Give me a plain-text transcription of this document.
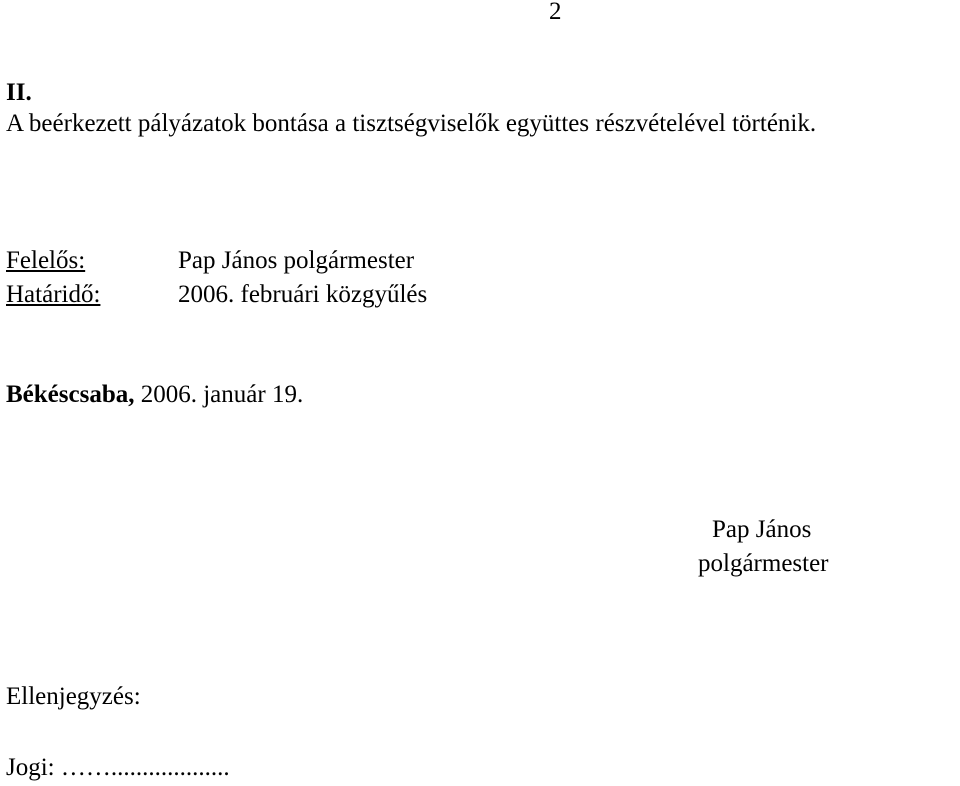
2
II.
A beérkezett pályázatok bontása a tisztségviselők együttes részvételével történik.
Felelős:	Pap János polgármester
Határidő:	2006. februári közgyűlés
Békéscsaba, 2006. január 19.
Pap János
polgármester
Ellenjegyzés:
Jogi: ……...................
